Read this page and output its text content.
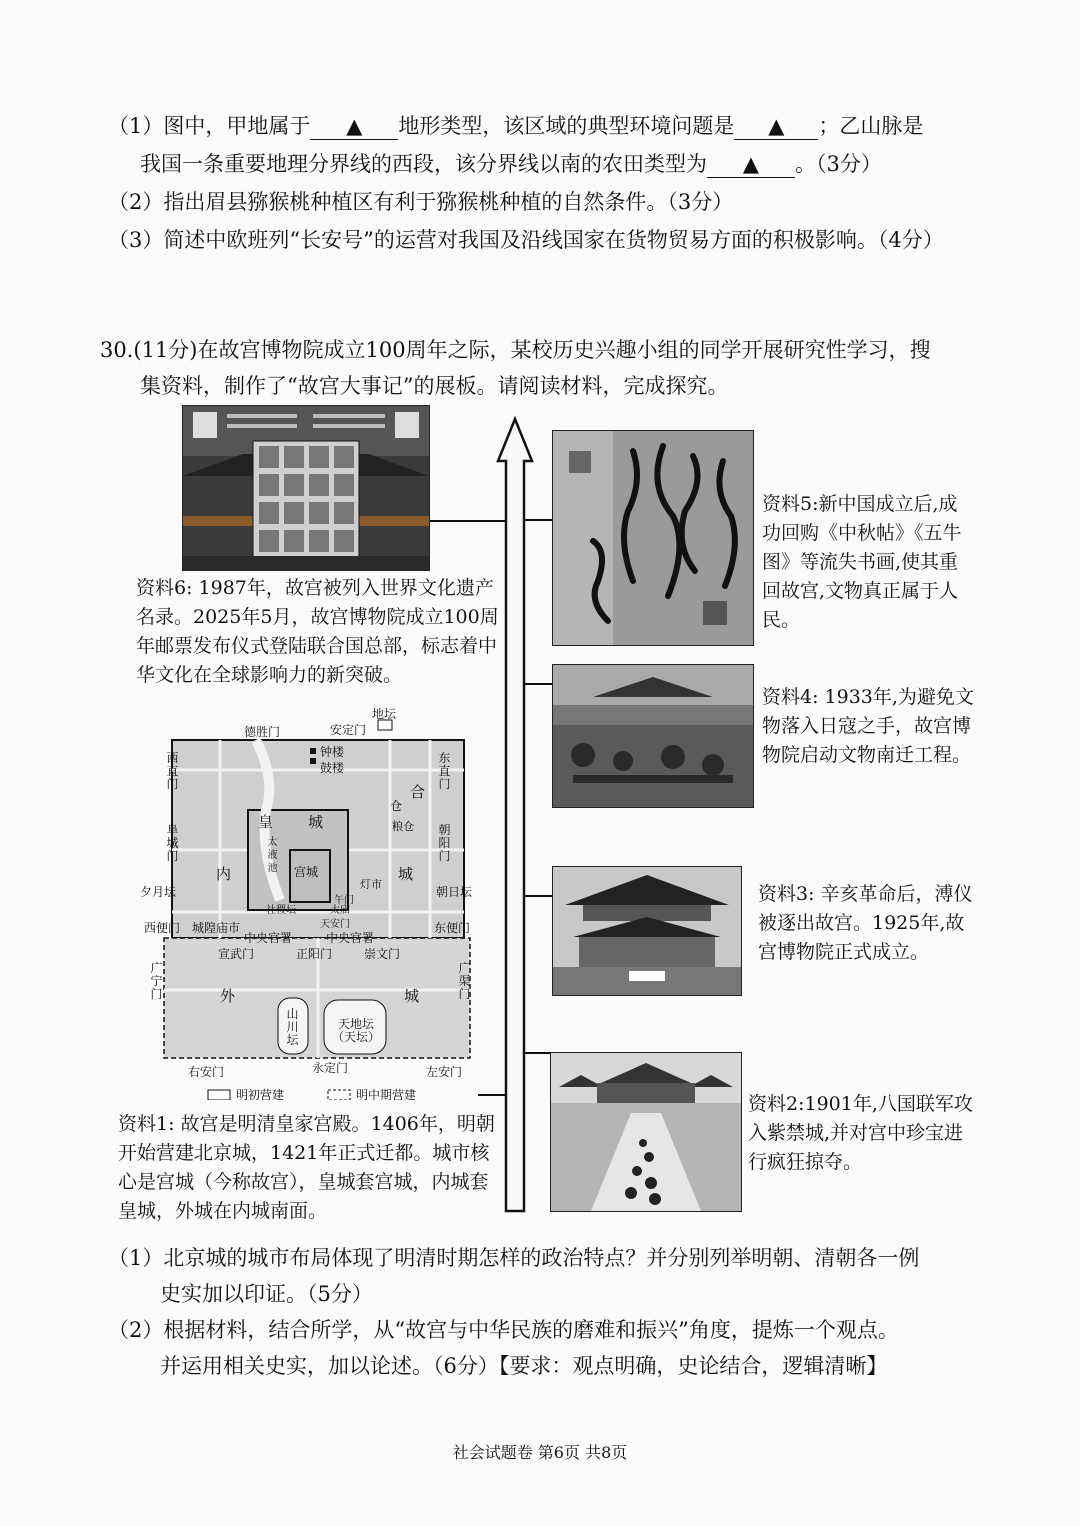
（1）图中，甲地属于 ▲ 地形类型，该区域的典型环境问题是 ▲ ；乙山脉是
我国一条重要地理分界线的西段，该分界线以南的农田类型为 ▲ 。（3分）
（2）指出眉县猕猴桃种植区有利于猕猴桃种植的自然条件。（3分）
（3）简述中欧班列“长安号”的运营对我国及沿线国家在货物贸易方面的积极影响。（4分）
30.(11分)在故宫博物院成立100周年之际，某校历史兴趣小组的同学开展研究性学习，搜
集资料，制作了“故宫大事记”的展板。请阅读材料，完成探究。
资料6: 1987年，故宫被列入世界文化遗产名录。2025年5月，故宫博物院成立100周年邮票发布仪式登陆联合国总部，标志着中华文化在全球影响力的新突破。
资料5:新中国成立后,成功回购《中秋帖》《五牛图》等流失书画,使其重回故宫,文物真正属于人民。
资料4: 1933年,为避免文物落入日寇之手，故宫博物院启动文物南迁工程。
资料3: 辛亥革命后，溥仪被逐出故宫。1925年,故宫博物院正式成立。
资料2:1901年,八国联军攻入紫禁城,并对宫中珍宝进行疯狂掠夺。
德胜门	安定门
地坛
西直门
东直门
阜城门
朝阳门
夕月坛	朝日坛
西便门	东便门
广宁门
广渠门
宣武门	正阳门	崇文门
右安门	永定门	左安门
钟楼
鼓楼
皇 城
内	城
宫城
仓
合
外	城
山川坛
天地坛（天坛）
城隍庙市
中央官署	中央官署
社稷坛	太庙
太液池
天安门
午门
粮仓
灯市
明初营建	明中期营建
资料1: 故宫是明清皇家宫殿。1406年，明朝开始营建北京城，1421年正式迁都。城市核心是宫城（今称故宫），皇城套宫城，内城套皇城，外城在内城南面。
（1）北京城的城市布局体现了明清时期怎样的政治特点？并分别列举明朝、清朝各一例
史实加以印证。（5分）
（2）根据材料，结合所学，从“故宫与中华民族的磨难和振兴”角度，提炼一个观点。
并运用相关史实，加以论述。（6分）【要求：观点明确，史论结合，逻辑清晰】
社会试题卷 第6页 共8页
